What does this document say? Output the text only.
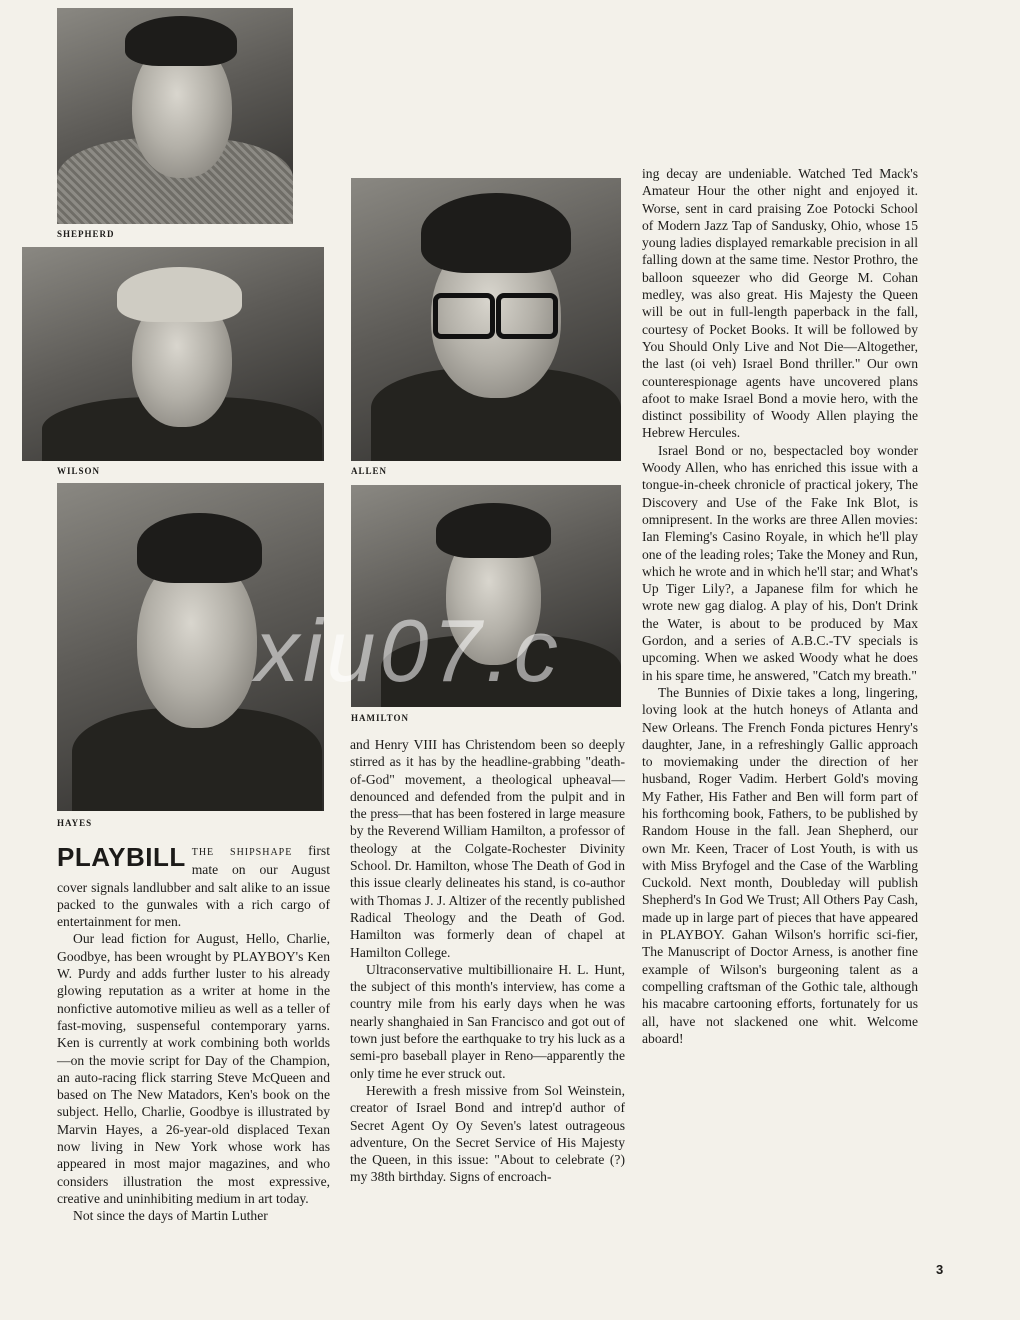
SHEPHERD
WILSON	ALLEN
HAYES
HAMILTON

PLAYBILL THE SHIPSHAPE first mate on our August cover signals landlubber and salt alike to an issue packed to the gunwales with a rich cargo of entertainment for men.

Our lead fiction for August, Hello, Charlie, Goodbye, has been wrought by PLAYBOY's Ken W. Purdy and adds further luster to his already glowing reputation as a writer at home in the nonfictive automotive milieu as well as a teller of fast-moving, suspenseful contemporary yarns. Ken is currently at work combining both worlds—on the movie script for Day of the Champion, an auto-racing flick starring Steve McQueen and based on The New Matadors, Ken's book on the subject. Hello, Charlie, Goodbye is illustrated by Marvin Hayes, a 26-year-old displaced Texan now living in New York whose work has appeared in most major magazines, and who considers illustration the most expressive, creative and uninhibiting medium in art today.

Not since the days of Martin Luther

and Henry VIII has Christendom been so deeply stirred as it has by the headline-grabbing "death-of-God" movement, a theological upheaval—denounced and defended from the pulpit and in the press—that has been fostered in large measure by the Reverend William Hamilton, a professor of theology at the Colgate-Rochester Divinity School. Dr. Hamilton, whose The Death of God in this issue clearly delineates his stand, is co-author with Thomas J. J. Altizer of the recently published Radical Theology and the Death of God. Hamilton was formerly dean of chapel at Hamilton College.

Ultraconservative multibillionaire H. L. Hunt, the subject of this month's interview, has come a country mile from his early days when he was nearly shanghaied in San Francisco and got out of town just before the earthquake to try his luck as a semi-pro baseball player in Reno—apparently the only time he ever struck out.

Herewith a fresh missive from Sol Weinstein, creator of Israel Bond and intrep'd author of Secret Agent Oy Oy Seven's latest outrageous adventure, On the Secret Service of His Majesty the Queen, in this issue: "About to celebrate (?) my 38th birthday. Signs of encroach-

ing decay are undeniable. Watched Ted Mack's Amateur Hour the other night and enjoyed it. Worse, sent in card praising Zoe Potocki School of Modern Jazz Tap of Sandusky, Ohio, whose 15 young ladies displayed remarkable precision in all falling down at the same time. Nestor Prothro, the balloon squeezer who did George M. Cohan medley, was also great. His Majesty the Queen will be out in full-length paperback in the fall, courtesy of Pocket Books. It will be followed by You Should Only Live and Not Die—Altogether, the last (oi veh) Israel Bond thriller." Our own counterespionage agents have uncovered plans afoot to make Israel Bond a movie hero, with the distinct possibility of Woody Allen playing the Hebrew Hercules.

Israel Bond or no, bespectacled boy wonder Woody Allen, who has enriched this issue with a tongue-in-cheek chronicle of practical jokery, The Discovery and Use of the Fake Ink Blot, is omnipresent. In the works are three Allen movies: Ian Fleming's Casino Royale, in which he'll play one of the leading roles; Take the Money and Run, which he wrote and in which he'll star; and What's Up Tiger Lily?, a Japanese film for which he wrote new gag dialog. A play of his, Don't Drink the Water, is about to be produced by Max Gordon, and a series of A.B.C.-TV specials is upcoming. When we asked Woody what he does in his spare time, he answered, "Catch my breath."

The Bunnies of Dixie takes a long, lingering, loving look at the hutch honeys of Atlanta and New Orleans. The French Fonda pictures Henry's daughter, Jane, in a refreshingly Gallic approach to moviemaking under the direction of her husband, Roger Vadim. Herbert Gold's moving My Father, His Father and Ben will form part of his forthcoming book, Fathers, to be published by Random House in the fall. Jean Shepherd, our own Mr. Keen, Tracer of Lost Youth, is with us with Miss Bryfogel and the Case of the Warbling Cuckold. Next month, Doubleday will publish Shepherd's In God We Trust; All Others Pay Cash, made up in large part of pieces that have appeared in PLAYBOY. Gahan Wilson's horrific sci-fier, The Manuscript of Doctor Arness, is another fine example of Wilson's burgeoning talent as a compelling craftsman of the Gothic tale, although his macabre cartooning efforts, fortunately for us all, have not slackened one whit. Welcome aboard!

xiu07.c
3
